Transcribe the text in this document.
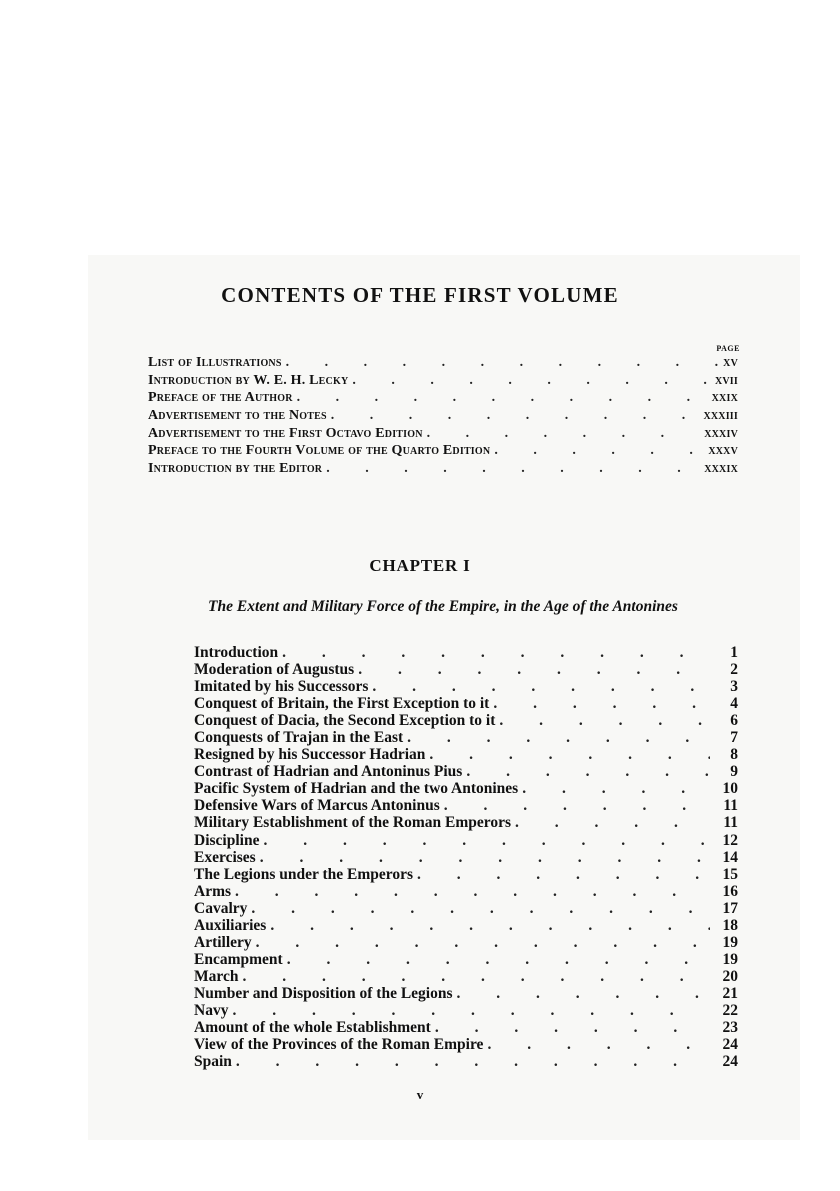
CONTENTS OF THE FIRST VOLUME
PAGE
List of Illustrations . . .	xv
Introduction by W. E. H. Lecky . . .	xvii
Preface of the Author . . .	xxix
Advertisement to the Notes . . .	xxxiii
Advertisement to the First Octavo Edition . . .	xxxiv
Preface to the Fourth Volume of the Quarto Edition . . .	xxxv
Introduction by the Editor . . .	xxxix
CHAPTER I

The Extent and Military Force of the Empire, in the Age of the Antonines

Introduction . . .	1
Moderation of Augustus . . .	2
Imitated by his Successors . . .	3
Conquest of Britain, the First Exception to it . . .	4
Conquest of Dacia, the Second Exception to it . . .	6
Conquests of Trajan in the East . . .	7
Resigned by his Successor Hadrian . . .	8
Contrast of Hadrian and Antoninus Pius . . .	9
Pacific System of Hadrian and the two Antonines . . .	10
Defensive Wars of Marcus Antoninus . . .	11
Military Establishment of the Roman Emperors . . .	11
Discipline . . .	12
Exercises . . .	14
The Legions under the Emperors . . .	15
Arms . . .	16
Cavalry . . .	17
Auxiliaries . . .	18
Artillery . . .	19
Encampment . . .	19
March . . .	20
Number and Disposition of the Legions . . .	21
Navy . . .	22
Amount of the whole Establishment . . .	23
View of the Provinces of the Roman Empire . . .	24
Spain . . .	24
v
